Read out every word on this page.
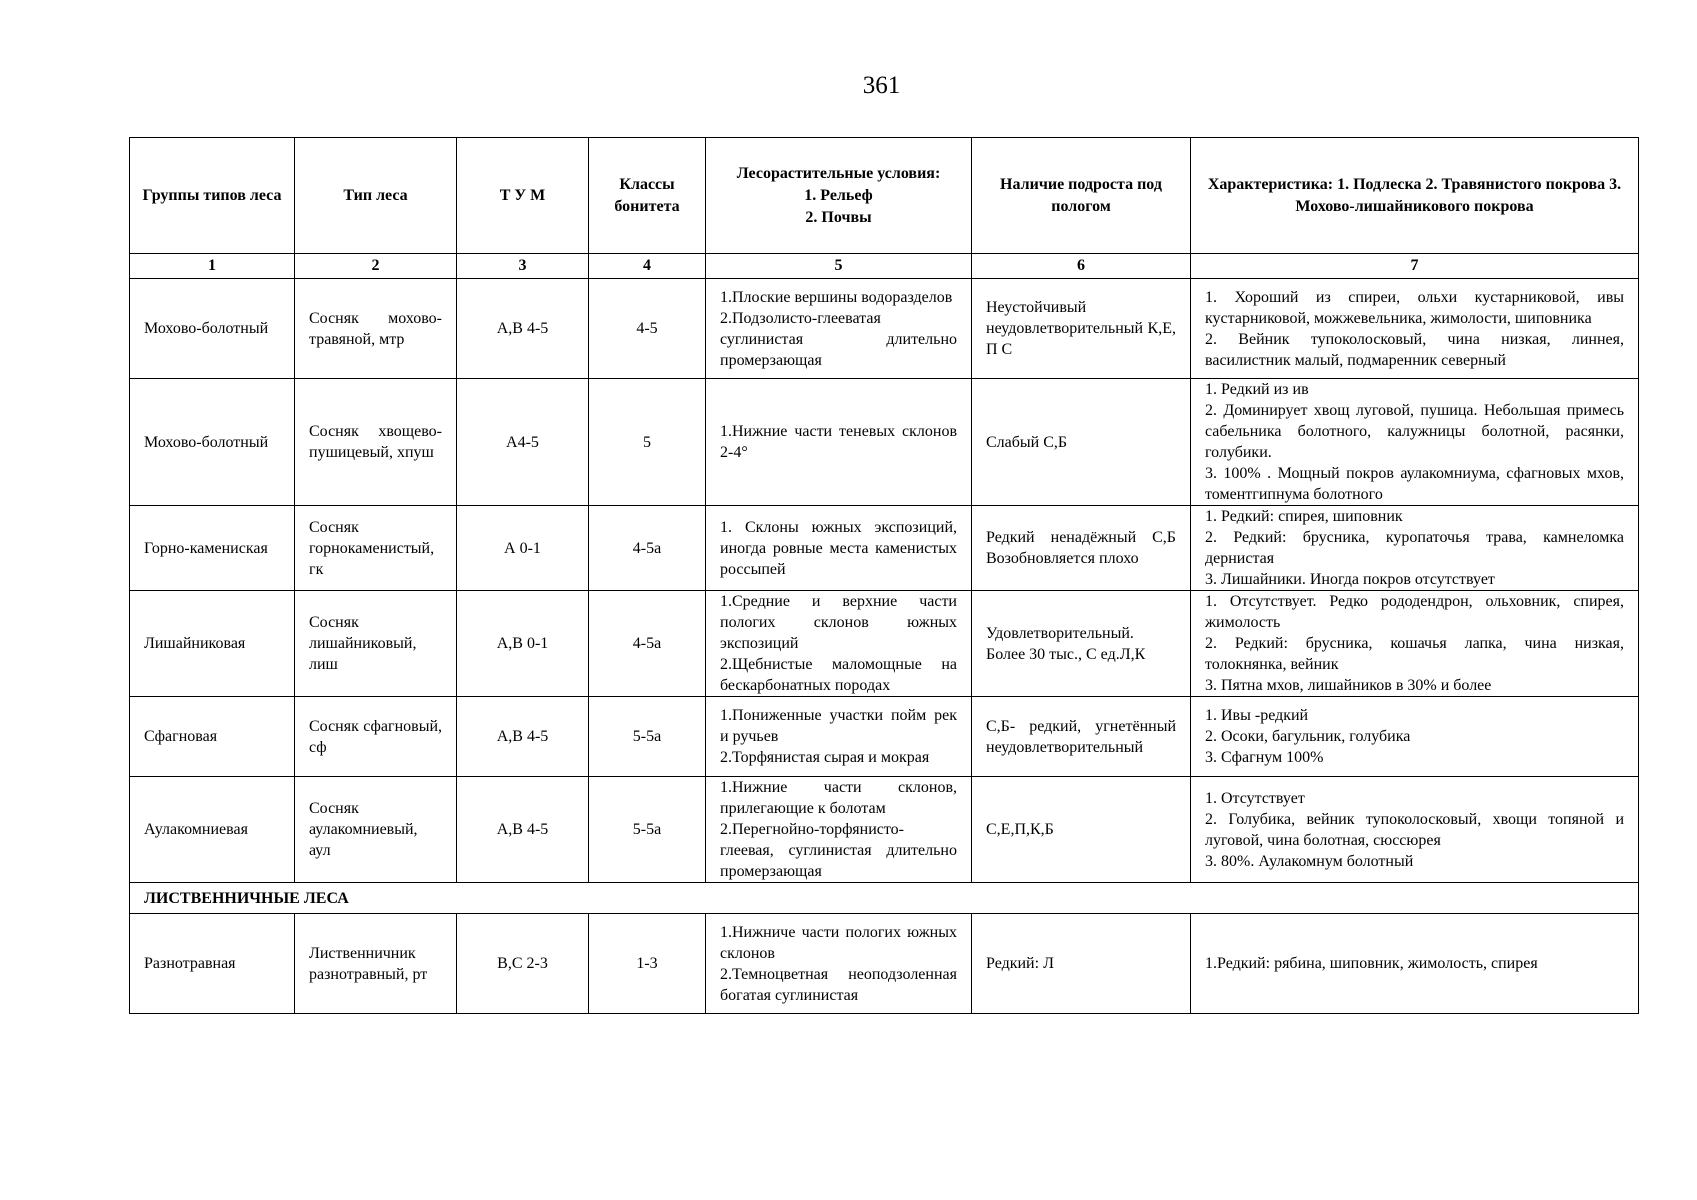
361
Группы типов леса	Тип леса	Т У М	Классы бонитета	Лесорастительные условия:
1. Рельеф
2. Почвы	Наличие подроста под пологом	Характеристика: 1. Подлеска 2. Травянистого покрова 3. Мохово-лишайникового покрова
1	2	3	4	5	6	7
Мохово-болотный	Сосняк мохово-травяной, мтр	А,В 4-5	4-5	1.Плоские вершины водоразделов
2.Подзолисто-глееватая суглинистая длительно промерзающая	Неустойчивый неудовлетворительный К,Е, П С	1. Хороший из спиреи, ольхи кустарниковой, ивы кустарниковой, можжевельника, жимолости, шиповника
2. Вейник тупоколосковый, чина низкая, линнея, василистник малый, подмаренник северный

Мохово-болотный	Сосняк хвощево-пушицевый, хпуш	А4-5	5	1.Нижние части теневых склонов 2-4°	Слабый С,Б	1. Редкий из ив
2. Доминирует хвощ луговой, пушица. Небольшая примесь сабельника болотного, калужницы болотной, расянки, голубики.
3. 100% . Мощный покров аулакомниума, сфагновых мхов, томентгипнума болотного

Горно-камениская	Сосняк горнокаменистый, гк	А 0-1	4-5а	1. Склоны южных экспозиций, иногда ровные места каменистых россыпей	Редкий ненадёжный С,Б Возобновляется плохо	1. Редкий: спирея, шиповник
2. Редкий: брусника, куропаточья трава, камнеломка дернистая
3. Лишайники. Иногда покров отсутствует

Лишайниковая	Сосняк лишайниковый, лиш	А,В 0-1	4-5а	1.Средние и верхние части пологих склонов южных экспозиций
2.Щебнистые маломощные на бескарбонатных породах	Удовлетворительный. Более 30 тыс., С ед.Л,К	1. Отсутствует. Редко рододендрон, ольховник, спирея, жимолость
2. Редкий: брусника, кошачья лапка, чина низкая, толокнянка, вейник
3. Пятна мхов, лишайников в 30% и более

Сфагновая	Сосняк сфагновый, сф	А,В 4-5	5-5а	1.Пониженные участки пойм рек и ручьев
2.Торфянистая сырая и мокрая	С,Б- редкий, угнетённый неудовлетворительный	1. Ивы -редкий
2. Осоки, багульник, голубика
3. Сфагнум 100%

Аулакомниевая	Сосняк аулакомниевый, аул	А,В 4-5	5-5а	1.Нижние части склонов, прилегающие к болотам
2.Перегнойно-торфянисто-глеевая, суглинистая длительно промерзающая	С,Е,П,К,Б	1. Отсутствует
2. Голубика, вейник тупоколосковый, хвощи топяной и луговой, чина болотная, сюссюрея
3. 80%. Аулакомнум болотный

ЛИСТВЕННИЧНЫЕ ЛЕСА						
Разнотравная	Лиственничник разнотравный, рт	В,С 2-3	1-3	1.Нижниче части пологих южных склонов
2.Темноцветная неоподзоленная богатая суглинистая	Редкий: Л	1.Редкий: рябина, шиповник, жимолость, спирея
